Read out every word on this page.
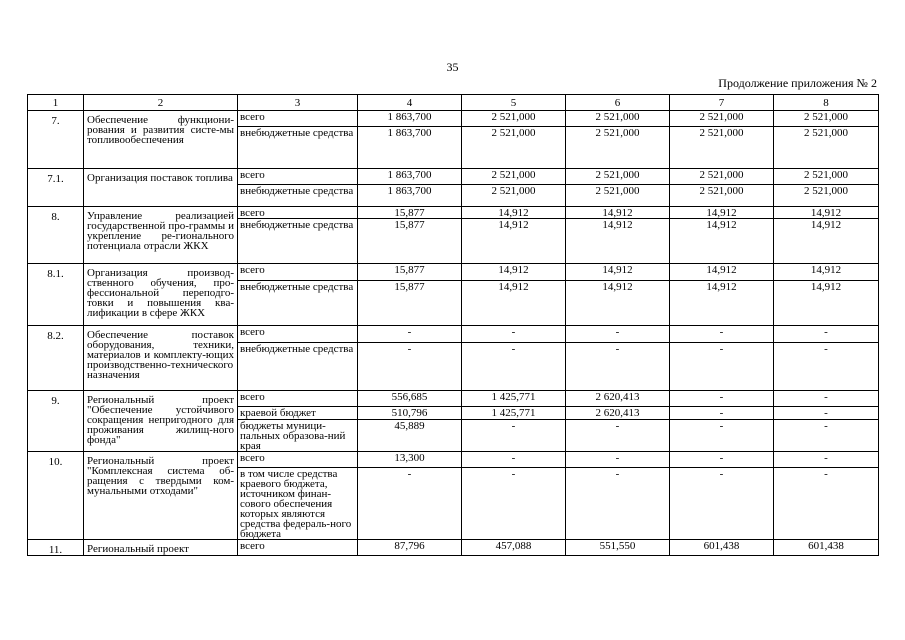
35
Продолжение приложения № 2
1	2	3	4	5	6	7	8
7.	Обеспечение функциони-рования и развития систе-мы топливообеспечения	всего	1 863,700	2 521,000	2 521,000	2 521,000	2 521,000
		внебюджетные средства	1 863,700	2 521,000	2 521,000	2 521,000	2 521,000
7.1.	Организация поставок топлива	всего	1 863,700	2 521,000	2 521,000	2 521,000	2 521,000
		внебюджетные средства	1 863,700	2 521,000	2 521,000	2 521,000	2 521,000
8.	Управление реализацией государственной про-граммы и укрепление ре-гионального потенциала отрасли ЖКХ	всего	15,877	14,912	14,912	14,912	14,912
		внебюджетные средства	15,877	14,912	14,912	14,912	14,912
8.1.	Организация производ-ственного обучения, про-фессиональной переподго-товки и повышения ква-лификации в сфере ЖКХ	всего	15,877	14,912	14,912	14,912	14,912
		внебюджетные средства	15,877	14,912	14,912	14,912	14,912
8.2.	Обеспечение поставок оборудования, техники, материалов и комплекту-ющих производственно-технического назначения	всего	-	-	-	-	-
		внебюджетные средства	-	-	-	-	-
9.	Региональный проект "Обеспечение устойчивого сокращения непригодного для проживания жилищ-ного фонда"	всего	556,685	1 425,771	2 620,413	-	-
		краевой бюджет	510,796	1 425,771	2 620,413	-	-
		бюджеты муници-пальных образова-ний края	45,889	-	-	-	-
10.	Региональный проект "Комплексная система об-ращения с твердыми ком-мунальными отходами"	всего	13,300	-	-	-	-
		в том числе средства краевого бюджета, источником финан-сового обеспечения которых являются средства федераль-ного бюджета	-	-	-	-	-
11.	Региональный проект	всего	87,796	457,088	551,550	601,438	601,438
